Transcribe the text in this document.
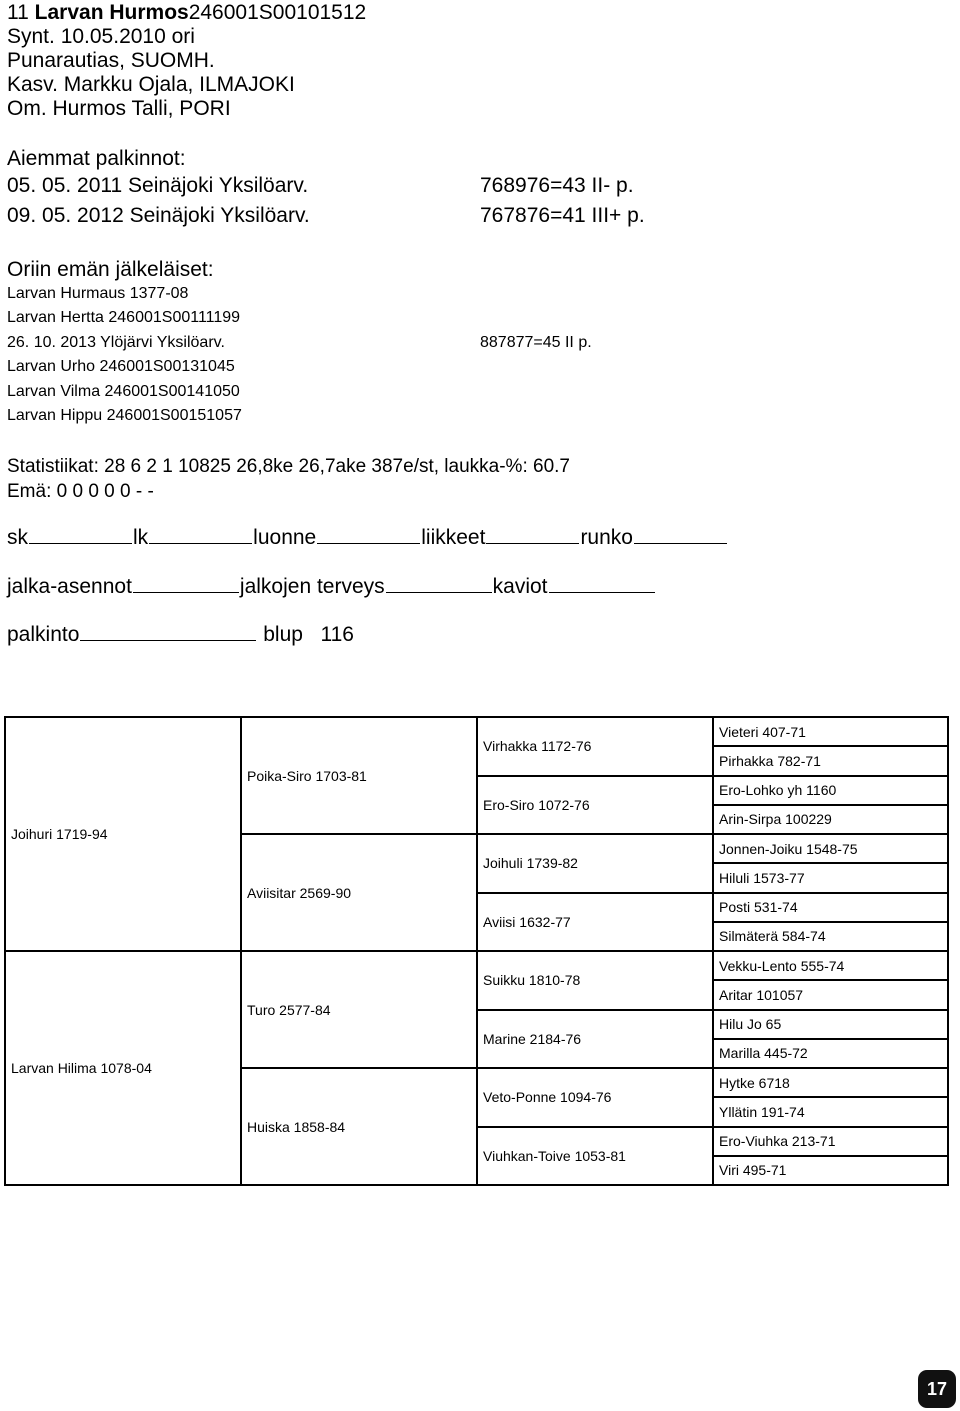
11 Larvan Hurmos246001S00101512
Synt. 10.05.2010 ori
Punarautias, SUOMH.
Kasv. Markku Ojala, ILMAJOKI
Om. Hurmos Talli, PORI
Aiemmat palkinnot:
05. 05. 2011 Seinäjoki Yksilöarv.	768976=43 II- p.
09. 05. 2012 Seinäjoki Yksilöarv.	767876=41 III+ p.
Oriin emän jälkeläiset:
Larvan Hurmaus 1377-08
Larvan Hertta 246001S00111199
26. 10. 2013 Ylöjärvi Yksilöarv.	887877=45 II p.
Larvan Urho 246001S00131045
Larvan Vilma 246001S00141050
Larvan Hippu 246001S00151057
Statistiikat: 28 6 2 1 10825 26,8ke 26,7ake 387e/st, laukka-%: 60.7
Emä: 0 0 0 0 0 - -
sk	lk	luonne	liikkeet	runko
jalka-asennot	jalkojen terveys	kaviot
palkinto	blup 116
Joihuri 1719-94	Poika-Siro 1703-81	Virhakka 1172-76	Vieteri 407-71
			Pirhakka 782-71
		Ero-Siro 1072-76	Ero-Lohko yh 1160
			Arin-Sirpa 100229
	Aviisitar 2569-90	Joihuli 1739-82	Jonnen-Joiku 1548-75
			Hiluli 1573-77
		Aviisi 1632-77	Posti 531-74
			Silmäterä 584-74
Larvan Hilima 1078-04	Turo 2577-84	Suikku 1810-78	Vekku-Lento 555-74
			Aritar 101057
		Marine 2184-76	Hilu Jo 65
			Marilla 445-72
	Huiska 1858-84	Veto-Ponne 1094-76	Hytke 6718
			Yllätin 191-74
		Viuhkan-Toive 1053-81	Ero-Viuhka 213-71
			Viri 495-71
17
